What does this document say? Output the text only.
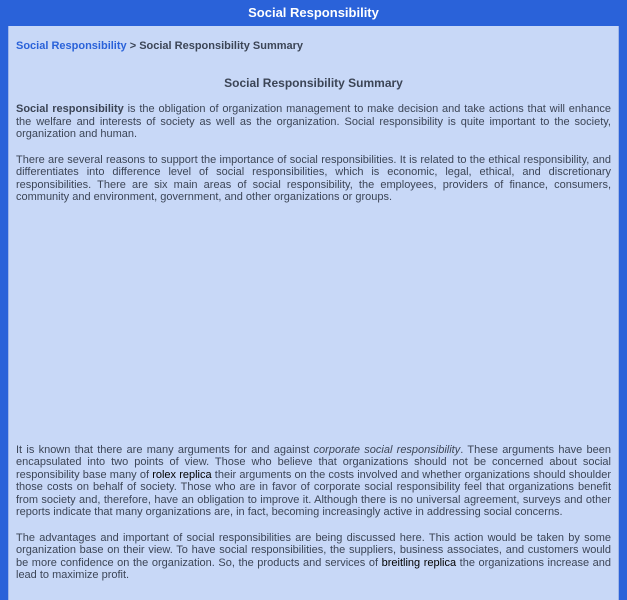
Social Responsibility
Social Responsibility > Social Responsibility Summary
Social Responsibility Summary

Social responsibility is the obligation of organization management to make decision and take actions that will enhance the welfare and interests of society as well as the organization. Social responsibility is quite important to the society, organization and human.

There are several reasons to support the importance of social responsibilities. It is related to the ethical responsibility, and differentiates into difference level of social responsibilities, which is economic, legal, ethical, and discretionary responsibilities. There are six main areas of social responsibility, the employees, providers of finance, consumers, community and environment, government, and other organizations or groups.

It is known that there are many arguments for and against corporate social responsibility. These arguments have been encapsulated into two points of view. Those who believe that organizations should not be concerned about social responsibility base many of rolex replica their arguments on the costs involved and whether organizations should shoulder those costs on behalf of society. Those who are in favor of corporate social responsibility feel that organizations benefit from society and, therefore, have an obligation to improve it. Although there is no universal agreement, surveys and other reports indicate that many organizations are, in fact, becoming increasingly active in addressing social concerns.

The advantages and important of social responsibilities are being discussed here. This action would be taken by some organization base on their view. To have social responsibilities, the suppliers, business associates, and customers would be more confidence on the organization. So, the products and services of breitling replica the organizations increase and lead to maximize profit.
